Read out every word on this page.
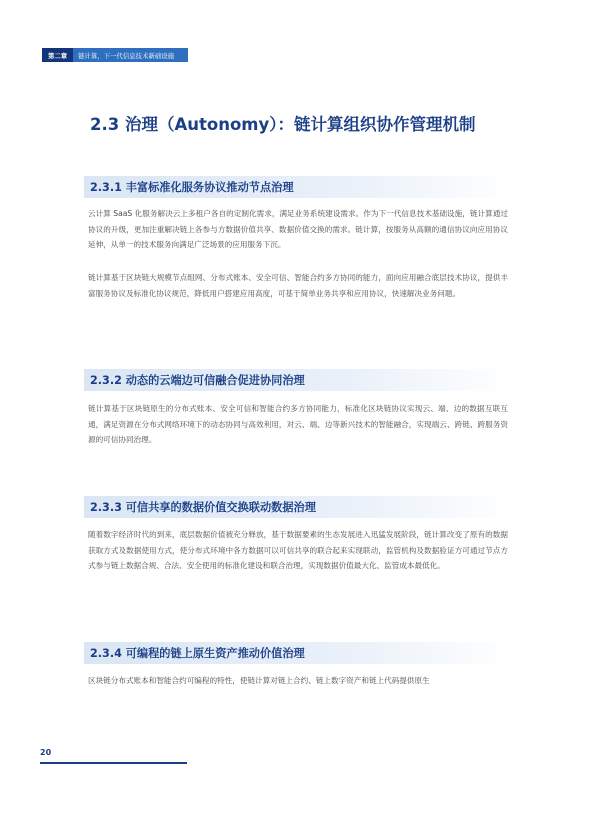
第二章	链计算，下一代信息技术新础设施
2.3 治理（Autonomy）：链计算组织协作管理机制
2.3.1 丰富标准化服务协议推动节点治理

云计算 SaaS 化服务解决云上多租户各自的定制化需求，满足业务系统建设需求。作为下一代信息技术基础设施，链计算通过协议的升级，更加注重解决链上各参与方数据价值共享、数据价值交换的需求。链计算，按服务从高额的通信协议向应用协议延伸，从单一的技术服务向满足广泛场景的应用服务下沉。

链计算基于区块链大规模节点组网、分布式账本、安全可信、智能合约多方协同的能力，面向应用融合底层技术协议，提供丰富服务协议及标准化协议规范，降低用户搭建应用高度，可基于简单业务共享和应用协议，快速解决业务问题。

2.3.2 动态的云端边可信融合促进协同治理

链计算基于区块链原生的分布式账本、安全可信和智能合约多方协同能力，标准化区块链协议实现云、端、边的数据互联互通，满足资源在分布式网络环境下的动态协同与高效利用，对云、端、边等新兴技术的智能融合，实现端云、跨链、跨服务资源的可信协同治理。

2.3.3 可信共享的数据价值交换联动数据治理

随着数字经济时代的到来，底层数据价值被充分释放，基于数据要素的生态发展进入迅猛发展阶段，链计算改变了原有的数据获取方式及数据使用方式，使分布式环境中各方数据可以可信共享的联合起来实现联动，监管机构及数据验证方可通过节点方式参与链上数据合规、合法、安全使用的标准化建设和联合治理，实现数据价值最大化、监管成本最低化。

2.3.4 可编程的链上原生资产推动价值治理

区块链分布式账本和智能合约可编程的特性，使链计算对链上合约、链上数字资产和链上代码提供原生

20
